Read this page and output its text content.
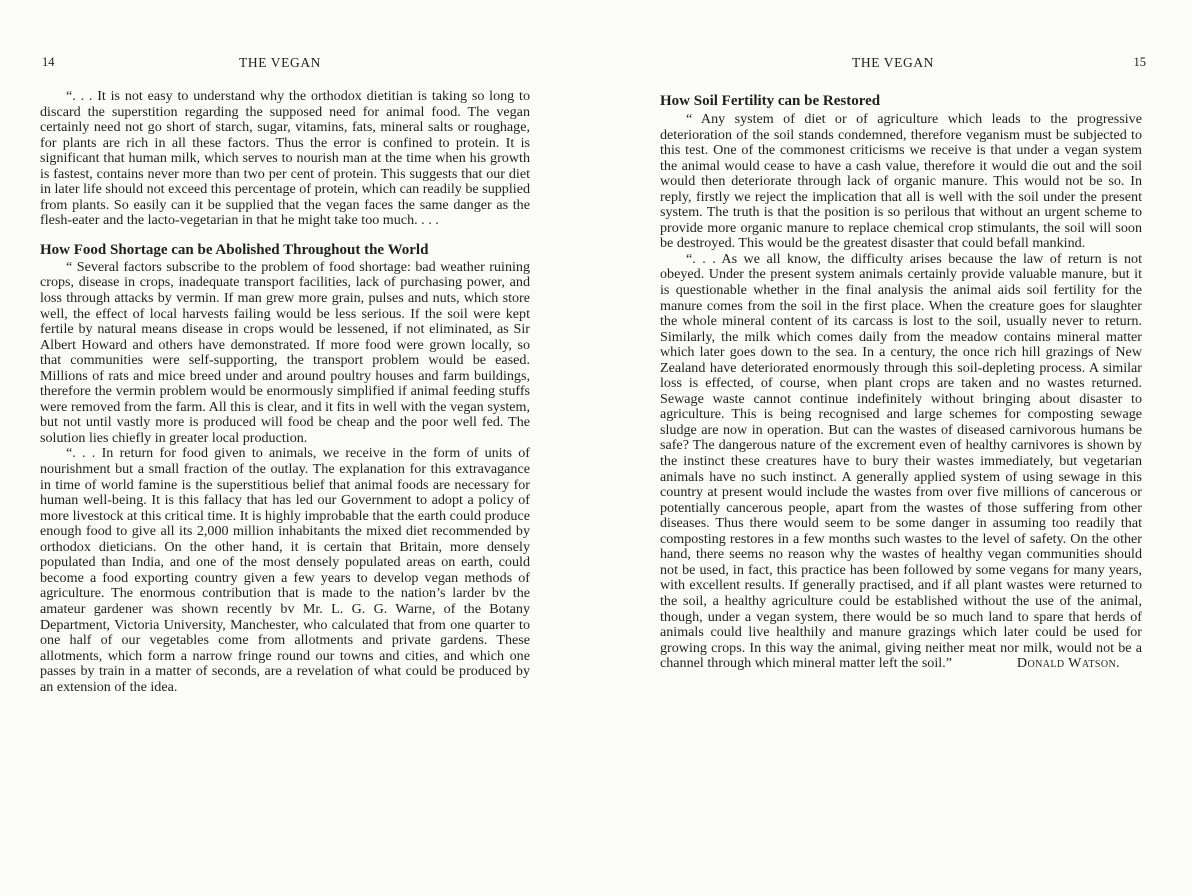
14	THE VEGAN

“. . . It is not easy to understand why the orthodox dietitian is taking so long to discard the superstition regarding the supposed need for animal food. The vegan certainly need not go short of starch, sugar, vitamins, fats, mineral salts or roughage, for plants are rich in all these factors. Thus the error is confined to protein. It is significant that human milk, which serves to nourish man at the time when his growth is fastest, contains never more than two per cent of protein. This suggests that our diet in later life should not exceed this percentage of protein, which can readily be supplied from plants. So easily can it be supplied that the vegan faces the same danger as the flesh-eater and the lacto-vegetarian in that he might take too much. . . .

How Food Shortage can be Abolished Throughout the World

“ Several factors subscribe to the problem of food shortage: bad weather ruining crops, disease in crops, inadequate transport facilities, lack of purchasing power, and loss through attacks by vermin. If man grew more grain, pulses and nuts, which store well, the effect of local harvests failing would be less serious. If the soil were kept fertile by natural means disease in crops would be lessened, if not eliminated, as Sir Albert Howard and others have demonstrated. If more food were grown locally, so that communities were self-supporting, the transport problem would be eased. Millions of rats and mice breed under and around poultry houses and farm buildings, therefore the vermin problem would be enormously simplified if animal feeding stuffs were removed from the farm. All this is clear, and it fits in well with the vegan system, but not until vastly more is produced will food be cheap and the poor well fed. The solution lies chiefly in greater local production.

“. . . In return for food given to animals, we receive in the form of units of nourishment but a small fraction of the outlay. The explanation for this extravagance in time of world famine is the superstitious belief that animal foods are necessary for human well-being. It is this fallacy that has led our Government to adopt a policy of more livestock at this critical time. It is highly improbable that the earth could produce enough food to give all its 2,000 million inhabitants the mixed diet recommended by orthodox dieticians. On the other hand, it is certain that Britain, more densely populated than India, and one of the most densely populated areas on earth, could become a food exporting country given a few years to develop vegan methods of agriculture. The enormous contribution that is made to the nation’s larder bv the amateur gardener was shown recently bv Mr. L. G. G. Warne, of the Botany Department, Victoria University, Manchester, who calculated that from one quarter to one half of our vegetables come from allotments and private gardens. These allotments, which form a narrow fringe round our towns and cities, and which one passes by train in a matter of seconds, are a revelation of what could be produced by an extension of the idea.

THE VEGAN	15
How Soil Fertility can be Restored

“ Any system of diet or of agriculture which leads to the progressive deterioration of the soil stands condemned, therefore veganism must be subjected to this test. One of the commonest criticisms we receive is that under a vegan system the animal would cease to have a cash value, therefore it would die out and the soil would then deteriorate through lack of organic manure. This would not be so. In reply, firstly we reject the implication that all is well with the soil under the present system. The truth is that the position is so perilous that without an urgent scheme to provide more organic manure to replace chemical crop stimulants, the soil will soon be destroyed. This would be the greatest disaster that could befall mankind.

“. . . As we all know, the difficulty arises because the law of return is not obeyed. Under the present system animals certainly provide valuable manure, but it is questionable whether in the final analysis the animal aids soil fertility for the manure comes from the soil in the first place. When the creature goes for slaughter the whole mineral content of its carcass is lost to the soil, usually never to return. Similarly, the milk which comes daily from the meadow contains mineral matter which later goes down to the sea. In a century, the once rich hill grazings of New Zealand have deteriorated enormously through this soil-depleting process. A similar loss is effected, of course, when plant crops are taken and no wastes returned. Sewage waste cannot continue indefinitely without bringing about disaster to agriculture. This is being recognised and large schemes for composting sewage sludge are now in operation. But can the wastes of diseased carnivorous humans be safe? The dangerous nature of the excrement even of healthy carnivores is shown by the instinct these creatures have to bury their wastes immediately, but vegetarian animals have no such instinct. A generally applied system of using sewage in this country at present would include the wastes from over five millions of cancerous or potentially cancerous people, apart from the wastes of those suffering from other diseases. Thus there would seem to be some danger in assuming too readily that composting restores in a few months such wastes to the level of safety. On the other hand, there seems no reason why the wastes of healthy vegan communities should not be used, in fact, this practice has been followed by some vegans for many years, with excellent results. If generally practised, and if all plant wastes were returned to the soil, a healthy agriculture could be established without the use of the animal, though, under a vegan system, there would be so much land to spare that herds of animals could live healthily and manure grazings which later could be used for growing crops. In this way the animal, giving neither meat nor milk, would not be a channel through which mineral matter left the soil.”	Donald Watson.
